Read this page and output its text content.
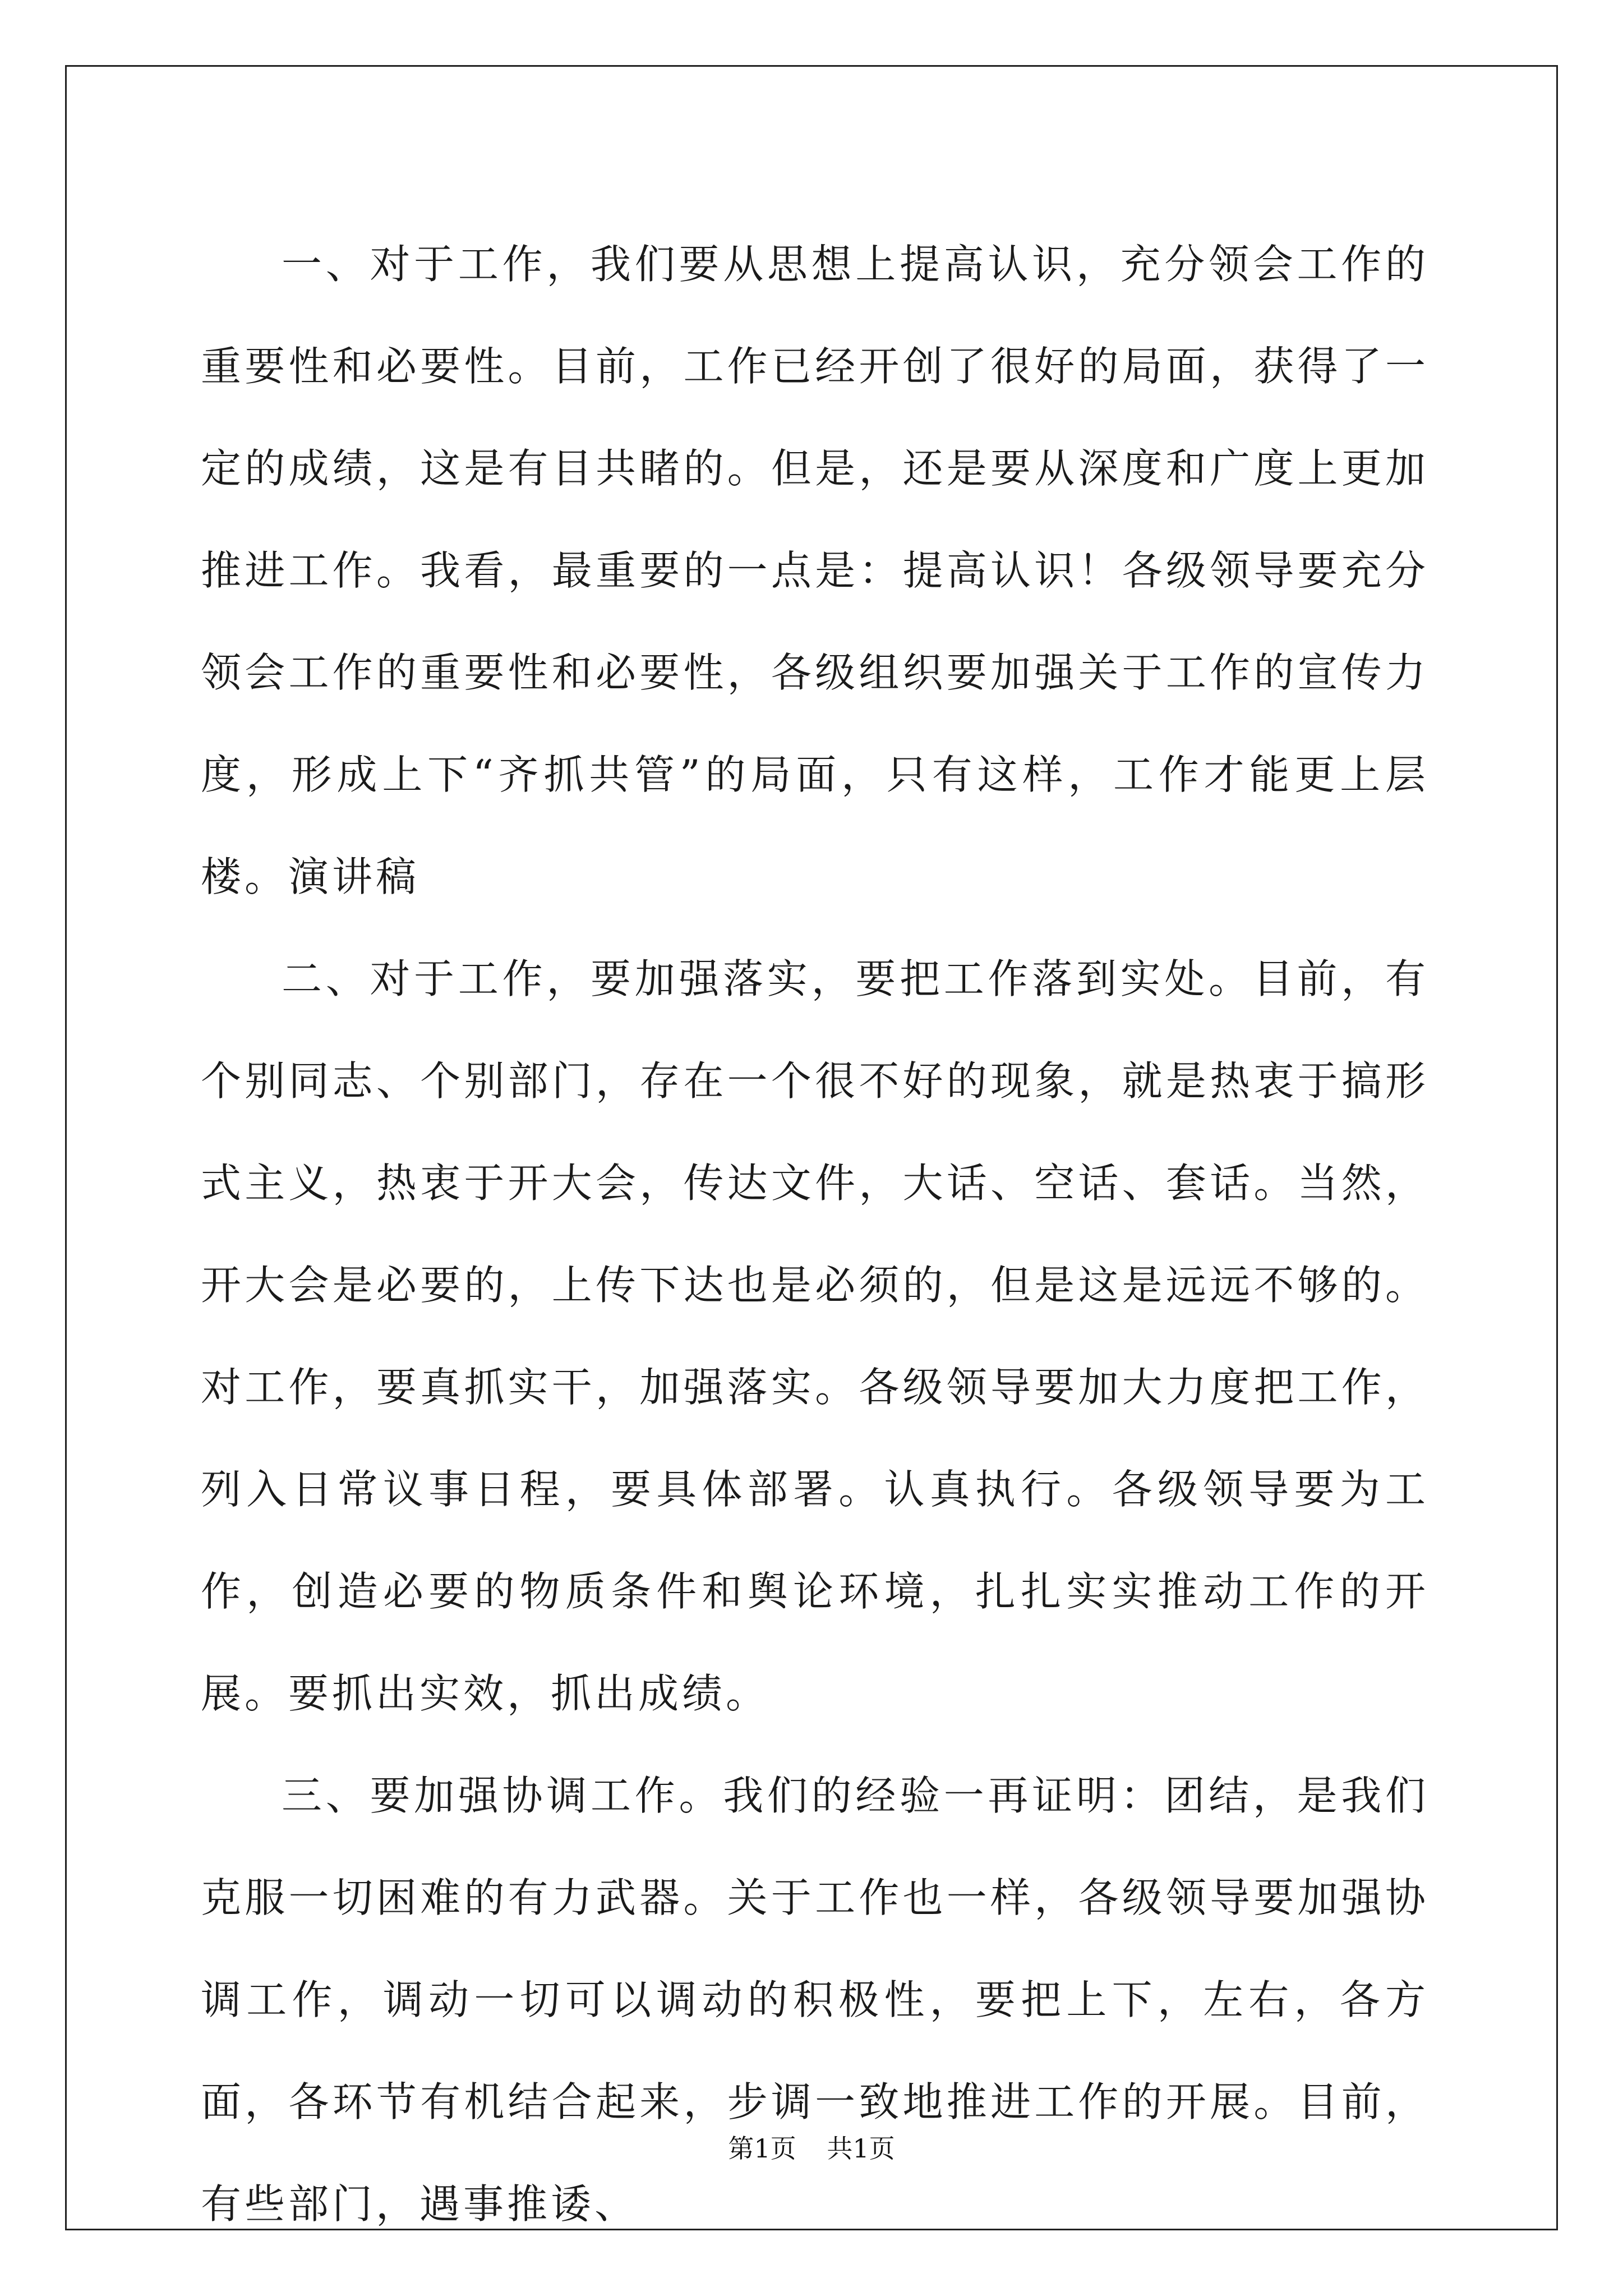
一、对于工作，我们要从思想上提高认识，充分领会工作的重要性和必要性。目前，工作已经开创了很好的局面，获得了一定的成绩，这是有目共睹的。但是，还是要从深度和广度上更加推进工作。我看，最重要的一点是：提高认识！各级领导要充分领会工作的重要性和必要性，各级组织要加强关于工作的宣传力度，形成上下“齐抓共管”的局面，只有这样，工作才能更上层楼。演讲稿

二、对于工作，要加强落实，要把工作落到实处。目前，有个别同志、个别部门，存在一个很不好的现象，就是热衷于搞形式主义，热衷于开大会，传达文件，大话、空话、套话。当然，开大会是必要的，上传下达也是必须的，但是这是远远不够的。对工作，要真抓实干，加强落实。各级领导要加大力度把工作，列入日常议事日程，要具体部署。认真执行。各级领导要为工作，创造必要的物质条件和舆论环境，扎扎实实推动工作的开展。要抓出实效，抓出成绩。

三、要加强协调工作。我们的经验一再证明：团结，是我们克服一切困难的有力武器。关于工作也一样，各级领导要加强协调工作，调动一切可以调动的积极性，要把上下，左右，各方面，各环节有机结合起来，步调一致地推进工作的开展。目前，有些部门，遇事推诿、

第1页 共1页
